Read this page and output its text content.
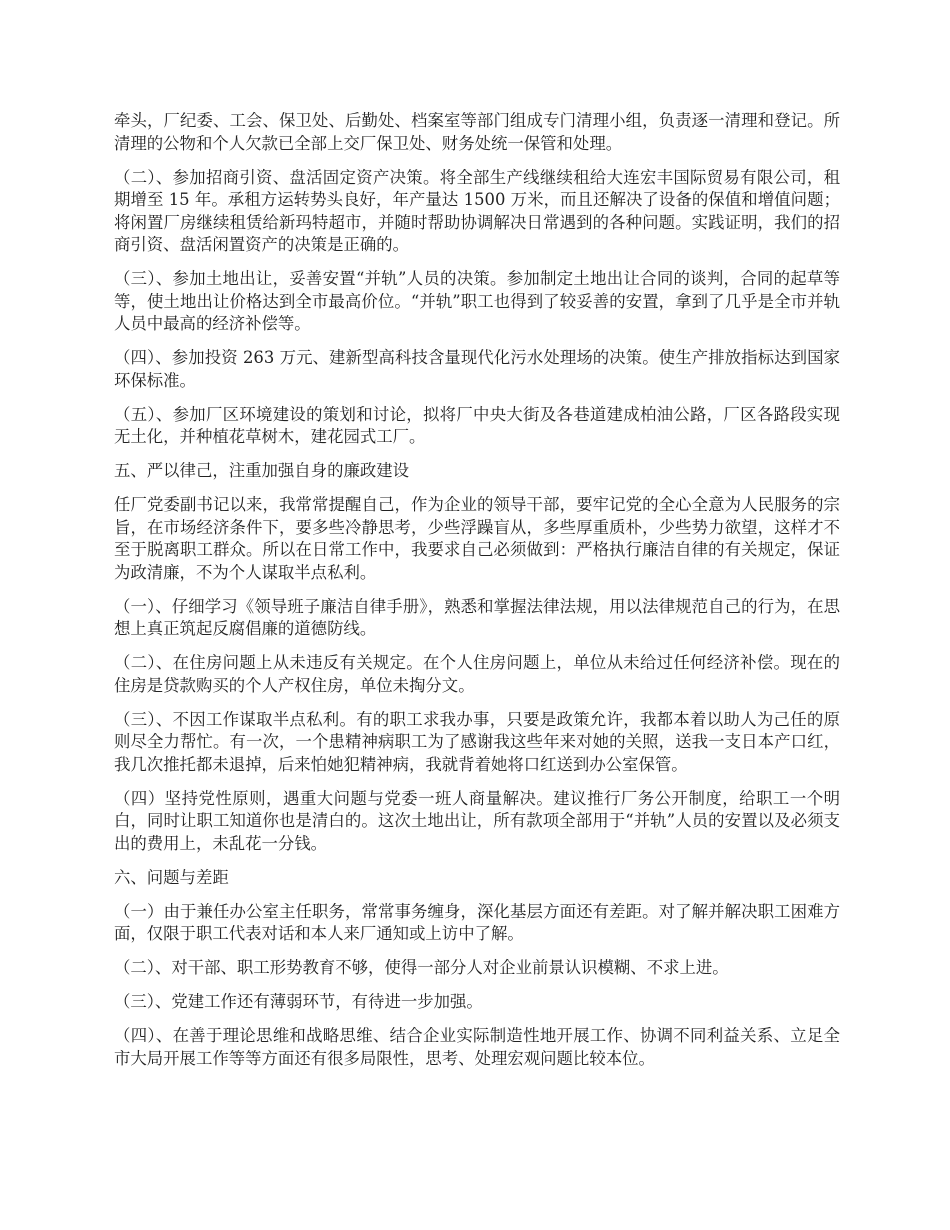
牵头，厂纪委、工会、保卫处、后勤处、档案室等部门组成专门清理小组，负责逐一清理和登记。所清理的公物和个人欠款已全部上交厂保卫处、财务处统一保管和处理。

（二）、参加招商引资、盘活固定资产决策。将全部生产线继续租给大连宏丰国际贸易有限公司，租期增至 15 年。承租方运转势头良好，年产量达 1500 万米，而且还解决了设备的保值和增值问题；将闲置厂房继续租赁给新玛特超市，并随时帮助协调解决日常遇到的各种问题。实践证明，我们的招商引资、盘活闲置资产的决策是正确的。

（三）、参加土地出让，妥善安置“并轨”人员的决策。参加制定土地出让合同的谈判，合同的起草等等，使土地出让价格达到全市最高价位。“并轨”职工也得到了较妥善的安置，拿到了几乎是全市并轨人员中最高的经济补偿等。

（四）、参加投资 263 万元、建新型高科技含量现代化污水处理场的决策。使生产排放指标达到国家环保标准。

（五）、参加厂区环境建设的策划和讨论，拟将厂中央大街及各巷道建成柏油公路，厂区各路段实现无土化，并种植花草树木，建花园式工厂。

五、严以律己，注重加强自身的廉政建设

任厂党委副书记以来，我常常提醒自己，作为企业的领导干部，要牢记党的全心全意为人民服务的宗旨，在市场经济条件下，要多些冷静思考，少些浮躁盲从，多些厚重质朴，少些势力欲望，这样才不至于脱离职工群众。所以在日常工作中，我要求自己必须做到：严格执行廉洁自律的有关规定，保证为政清廉，不为个人谋取半点私利。

（一）、仔细学习《领导班子廉洁自律手册》，熟悉和掌握法律法规，用以法律规范自己的行为，在思想上真正筑起反腐倡廉的道德防线。

（二）、在住房问题上从未违反有关规定。在个人住房问题上，单位从未给过任何经济补偿。现在的住房是贷款购买的个人产权住房，单位未掏分文。

（三）、不因工作谋取半点私利。有的职工求我办事，只要是政策允许，我都本着以助人为己任的原则尽全力帮忙。有一次，一个患精神病职工为了感谢我这些年来对她的关照，送我一支日本产口红，我几次推托都未退掉，后来怕她犯精神病，我就背着她将口红送到办公室保管。

（四）坚持党性原则，遇重大问题与党委一班人商量解决。建议推行厂务公开制度，给职工一个明白，同时让职工知道你也是清白的。这次土地出让，所有款项全部用于“并轨”人员的安置以及必须支出的费用上，未乱花一分钱。

六、问题与差距

（一）由于兼任办公室主任职务，常常事务缠身，深化基层方面还有差距。对了解并解决职工困难方面，仅限于职工代表对话和本人来厂通知或上访中了解。

（二）、对干部、职工形势教育不够，使得一部分人对企业前景认识模糊、不求上进。

（三）、党建工作还有薄弱环节，有待进一步加强。

（四）、在善于理论思维和战略思维、结合企业实际制造性地开展工作、协调不同利益关系、立足全市大局开展工作等等方面还有很多局限性，思考、处理宏观问题比较本位。
